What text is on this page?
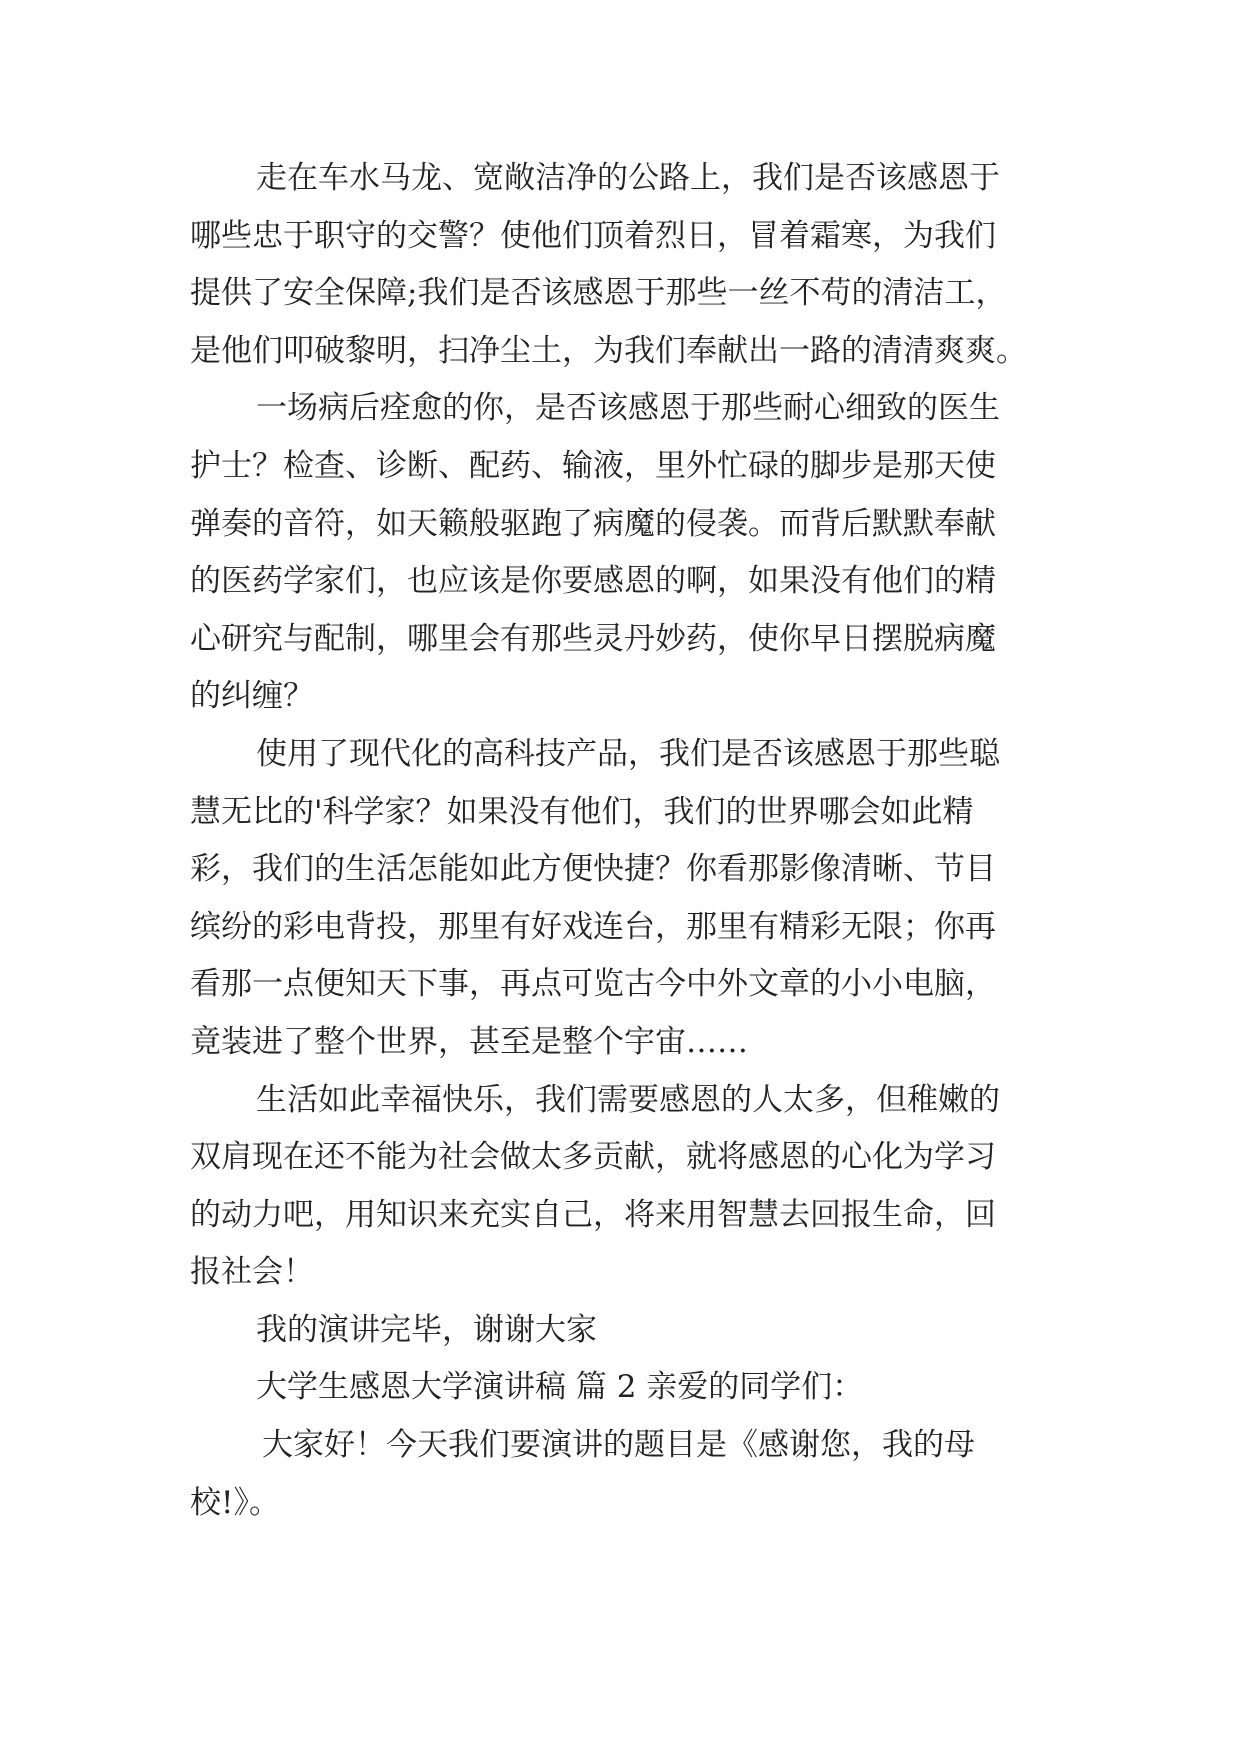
走在车水马龙、宽敞洁净的公路上，我们是否该感恩于
哪些忠于职守的交警？使他们顶着烈日，冒着霜寒，为我们
提供了安全保障;我们是否该感恩于那些一丝不苟的清洁工，
是他们叩破黎明，扫净尘土，为我们奉献出一路的清清爽爽。
一场病后痊愈的你，是否该感恩于那些耐心细致的医生
护士？检查、诊断、配药、输液，里外忙碌的脚步是那天使
弹奏的音符，如天籁般驱跑了病魔的侵袭。而背后默默奉献
的医药学家们，也应该是你要感恩的啊，如果没有他们的精
心研究与配制，哪里会有那些灵丹妙药，使你早日摆脱病魔
的纠缠？
使用了现代化的高科技产品，我们是否该感恩于那些聪
慧无比的'科学家？如果没有他们，我们的世界哪会如此精
彩，我们的生活怎能如此方便快捷？你看那影像清晰、节目
缤纷的彩电背投，那里有好戏连台，那里有精彩无限；你再
看那一点便知天下事，再点可览古今中外文章的小小电脑，
竟装进了整个世界，甚至是整个宇宙……
生活如此幸福快乐，我们需要感恩的人太多，但稚嫩的
双肩现在还不能为社会做太多贡献，就将感恩的心化为学习
的动力吧，用知识来充实自己，将来用智慧去回报生命，回
报社会！
我的演讲完毕，谢谢大家
大学生感恩大学演讲稿 篇 2 亲爱的同学们：
大家好！今天我们要演讲的题目是《感谢您，我的母
校!》。
